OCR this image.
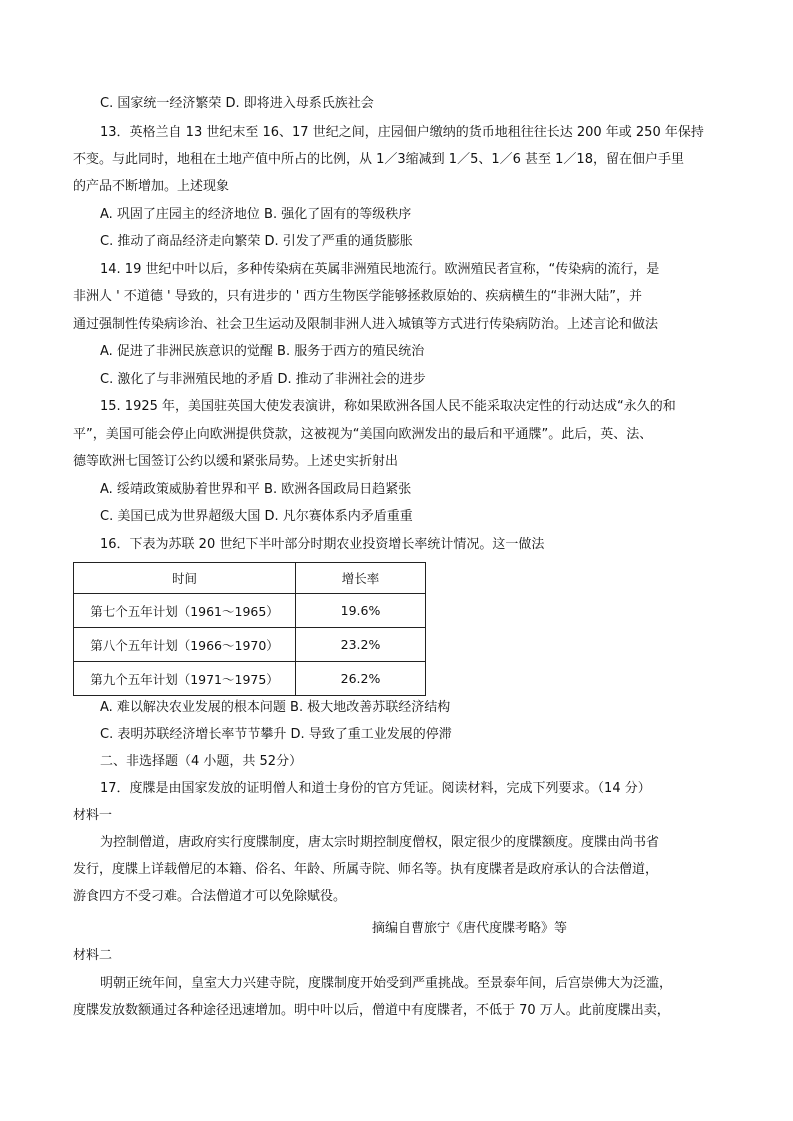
C. 国家统一经济繁荣 D. 即将进入母系氏族社会
13．英格兰自 13 世纪末至 16、17 世纪之间，庄园佃户缴纳的货币地租往往长达 200 年或 250 年保持
不变。与此同时，地租在土地产值中所占的比例，从 1／3缩减到 1／5、1／6 甚至 1／18，留在佃户手里
的产品不断增加。上述现象
A. 巩固了庄园主的经济地位 B. 强化了固有的等级秩序
C. 推动了商品经济走向繁荣 D. 引发了严重的通货膨胀
14. 19 世纪中叶以后，多种传染病在英属非洲殖民地流行。欧洲殖民者宣称，“传染病的流行，是
非洲人 ' 不道德 ' 导致的，只有进步的 ' 西方生物医学能够拯救原始的、疾病横生的“非洲大陆”，并
通过强制性传染病诊治、社会卫生运动及限制非洲人进入城镇等方式进行传染病防治。上述言论和做法
A. 促进了非洲民族意识的觉醒 B. 服务于西方的殖民统治
C. 激化了与非洲殖民地的矛盾 D. 推动了非洲社会的进步
15. 1925 年，美国驻英国大使发表演讲，称如果欧洲各国人民不能采取决定性的行动达成“永久的和
平”，美国可能会停止向欧洲提供贷款，这被视为“美国向欧洲发出的最后和平通牒”。此后，英、法、
德等欧洲七国签订公约以缓和紧张局势。上述史实折射出
A. 绥靖政策威胁着世界和平 B. 欧洲各国政局日趋紧张
C. 美国已成为世界超级大国 D. 凡尔赛体系内矛盾重重
16．下表为苏联 20 世纪下半叶部分时期农业投资增长率统计情况。这一做法
时间	增长率
第七个五年计划（1961～1965）	19.6%
第八个五年计划（1966～1970）	23.2%
第九个五年计划（1971～1975）	26.2%
A. 难以解决农业发展的根本问题 B. 极大地改善苏联经济结构
C. 表明苏联经济增长率节节攀升 D. 导致了重工业发展的停滞
二、非选择题（4 小题，共 52分）
17．度牒是由国家发放的证明僧人和道士身份的官方凭证。阅读材料，完成下列要求。（14 分）
材料一
为控制僧道，唐政府实行度牒制度，唐太宗时期控制度僧权，限定很少的度牒额度。度牒由尚书省
发行，度牒上详载僧尼的本籍、俗名、年龄、所属寺院、师名等。执有度牒者是政府承认的合法僧道，
游食四方不受刁难。合法僧道才可以免除赋役。
摘编自曹旅宁《唐代度牒考略》等
材料二
明朝正统年间，皇室大力兴建寺院，度牒制度开始受到严重挑战。至景泰年间，后宫崇佛大为泛滥，
度牒发放数额通过各种途径迅速增加。明中叶以后，僧道中有度牒者，不低于 70 万人。此前度牒出卖，
